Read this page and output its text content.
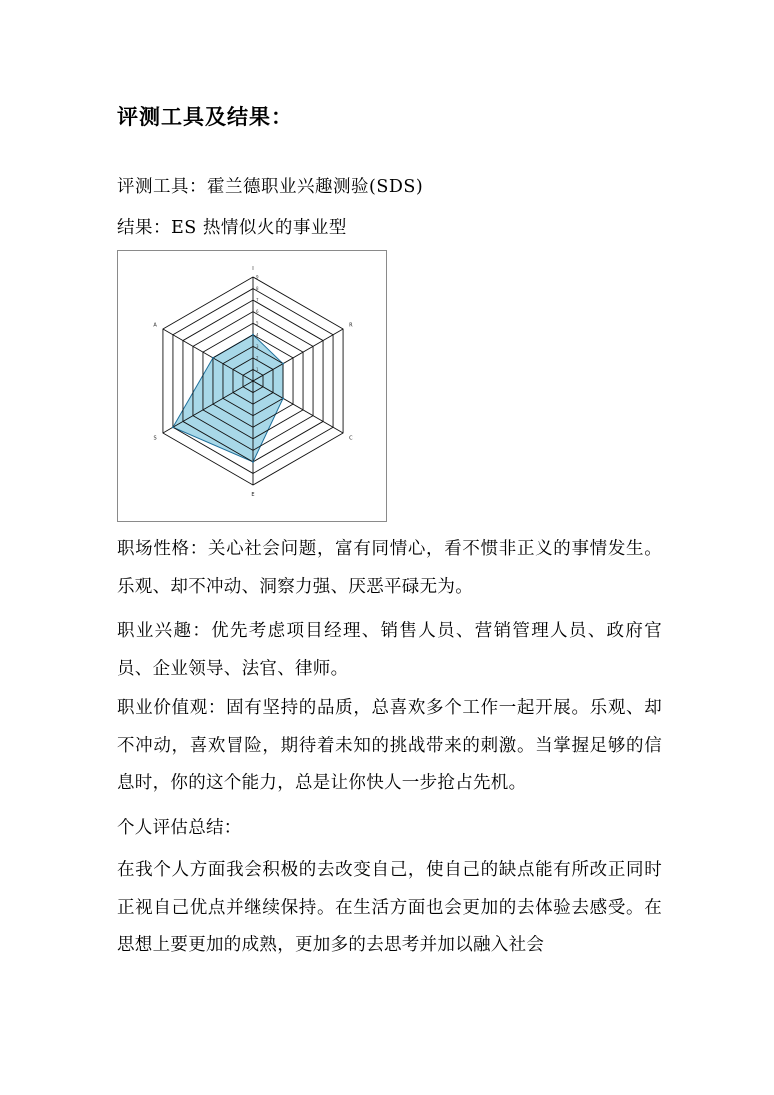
评测工具及结果：
评测工具：霍兰德职业兴趣测验(SDS)
结果：ES 热情似火的事业型
I
R
C
E
S
A
1
2
3
4
5
6
7
8
9
职场性格：关心社会问题，富有同情心，看不惯非正义的事情发生。乐观、却不冲动、洞察力强、厌恶平碌无为。
职业兴趣：优先考虑项目经理、销售人员、营销管理人员、政府官员、企业领导、法官、律师。
职业价值观：固有坚持的品质，总喜欢多个工作一起开展。乐观、却不冲动，喜欢冒险，期待着未知的挑战带来的刺激。当掌握足够的信息时，你的这个能力，总是让你快人一步抢占先机。
个人评估总结：
在我个人方面我会积极的去改变自己，使自己的缺点能有所改正同时正视自己优点并继续保持。在生活方面也会更加的去体验去感受。在思想上要更加的成熟，更加多的去思考并加以融入社会
